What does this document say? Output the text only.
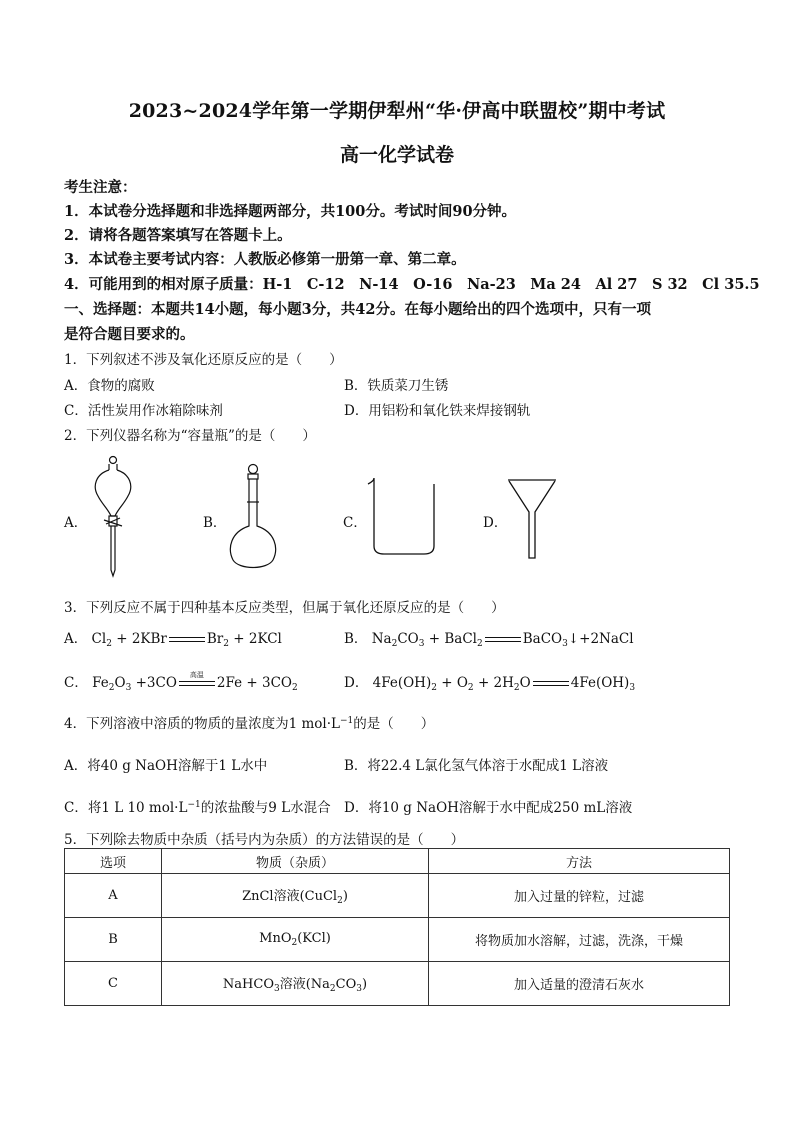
2023~2024学年第一学期伊犁州“华·伊高中联盟校”期中考试
高一化学试卷
考生注意：
1．本试卷分选择题和非选择题两部分，共100分。考试时间90分钟。
2．请将各题答案填写在答题卡上。
3．本试卷主要考试内容：人教版必修第一册第一章、第二章。
4．可能用到的相对原子质量：H-1　C-12　N-14　O-16　Na-23　Ma 24　Al 27　S 32　Cl 35.5
一、选择题：本题共14小题，每小题3分，共42分。在每小题给出的四个选项中，只有一项
是符合题目要求的。
1．下列叙述不涉及氧化还原反应的是（　　）
A．食物的腐败	B．铁质菜刀生锈
C．活性炭用作冰箱除味剂	D．用铝粉和氧化铁来焊接钢轨
2．下列仪器名称为“容量瓶”的是（　　）
A．	B．	C．	D．
3．下列反应不属于四种基本反应类型，但属于氧化还原反应的是（　　）
A． $Cl_2 + 2KBr$	$Br_2 + 2KCl$	B． $Na_2CO_3$ + BaCl$_2$	BaCO$_3$↓+2NaCl
C． $Fe_2O_3 +3CO$
高温
$2Fe + 3CO_2$	D． $4Fe(OH)_2 + O_2 + 2H_2O$	$4Fe(OH)_3$
4．下列溶液中溶质的物质的量浓度为1 $mol\cdot L^{-1}$的是（　　）
A．将40 g NaOH溶解于1 L水中	B．将22.4 L氯化氢气体溶于水配成1 L溶液
C．将1 L 10 $mol\cdot L^{-1}$的浓盐酸与9 L水混合 D．将10 g NaOH溶解于水中配成250 mL溶液
5．下列除去物质中杂质（括号内为杂质）的方法错误的是（　　）
选项	物质（杂质）	方法
A	ZnCl溶液(CuCl$_2$)	加入过量的锌粒，过滤
B	MnO$_2$(KCl)	将物质加水溶解，过滤，洗涤，干燥
C	NaHCO$_3$溶液$(Na_2CO_3)$	加入适量的澄清石灰水
